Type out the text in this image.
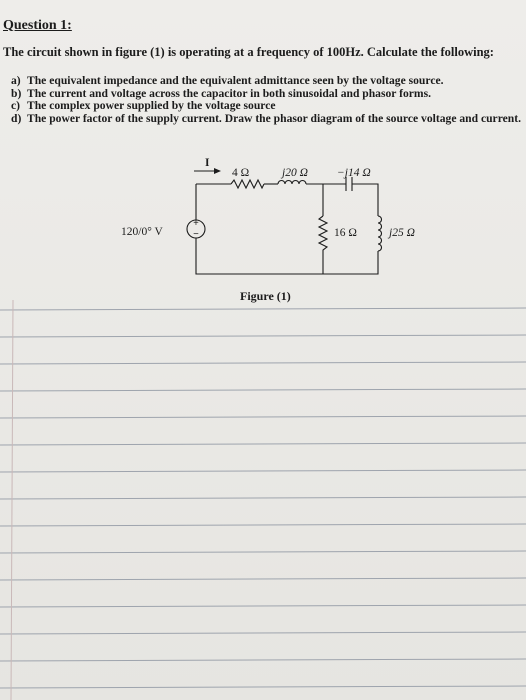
Question 1:
The circuit shown in figure (1) is operating at a frequency of 100Hz. Calculate the following:
a) The equivalent impedance and the equivalent admittance seen by the voltage source.
b) The current and voltage across the capacitor in both sinusoidal and phasor forms.
c) The complex power supplied by the voltage source
d) The power factor of the supply current. Draw the phasor diagram of the source voltage and current.
+
−
I
4 Ω	j20 Ω	−j14 Ω
120/0° V	16 Ω	j25 Ω
Figure (1)
